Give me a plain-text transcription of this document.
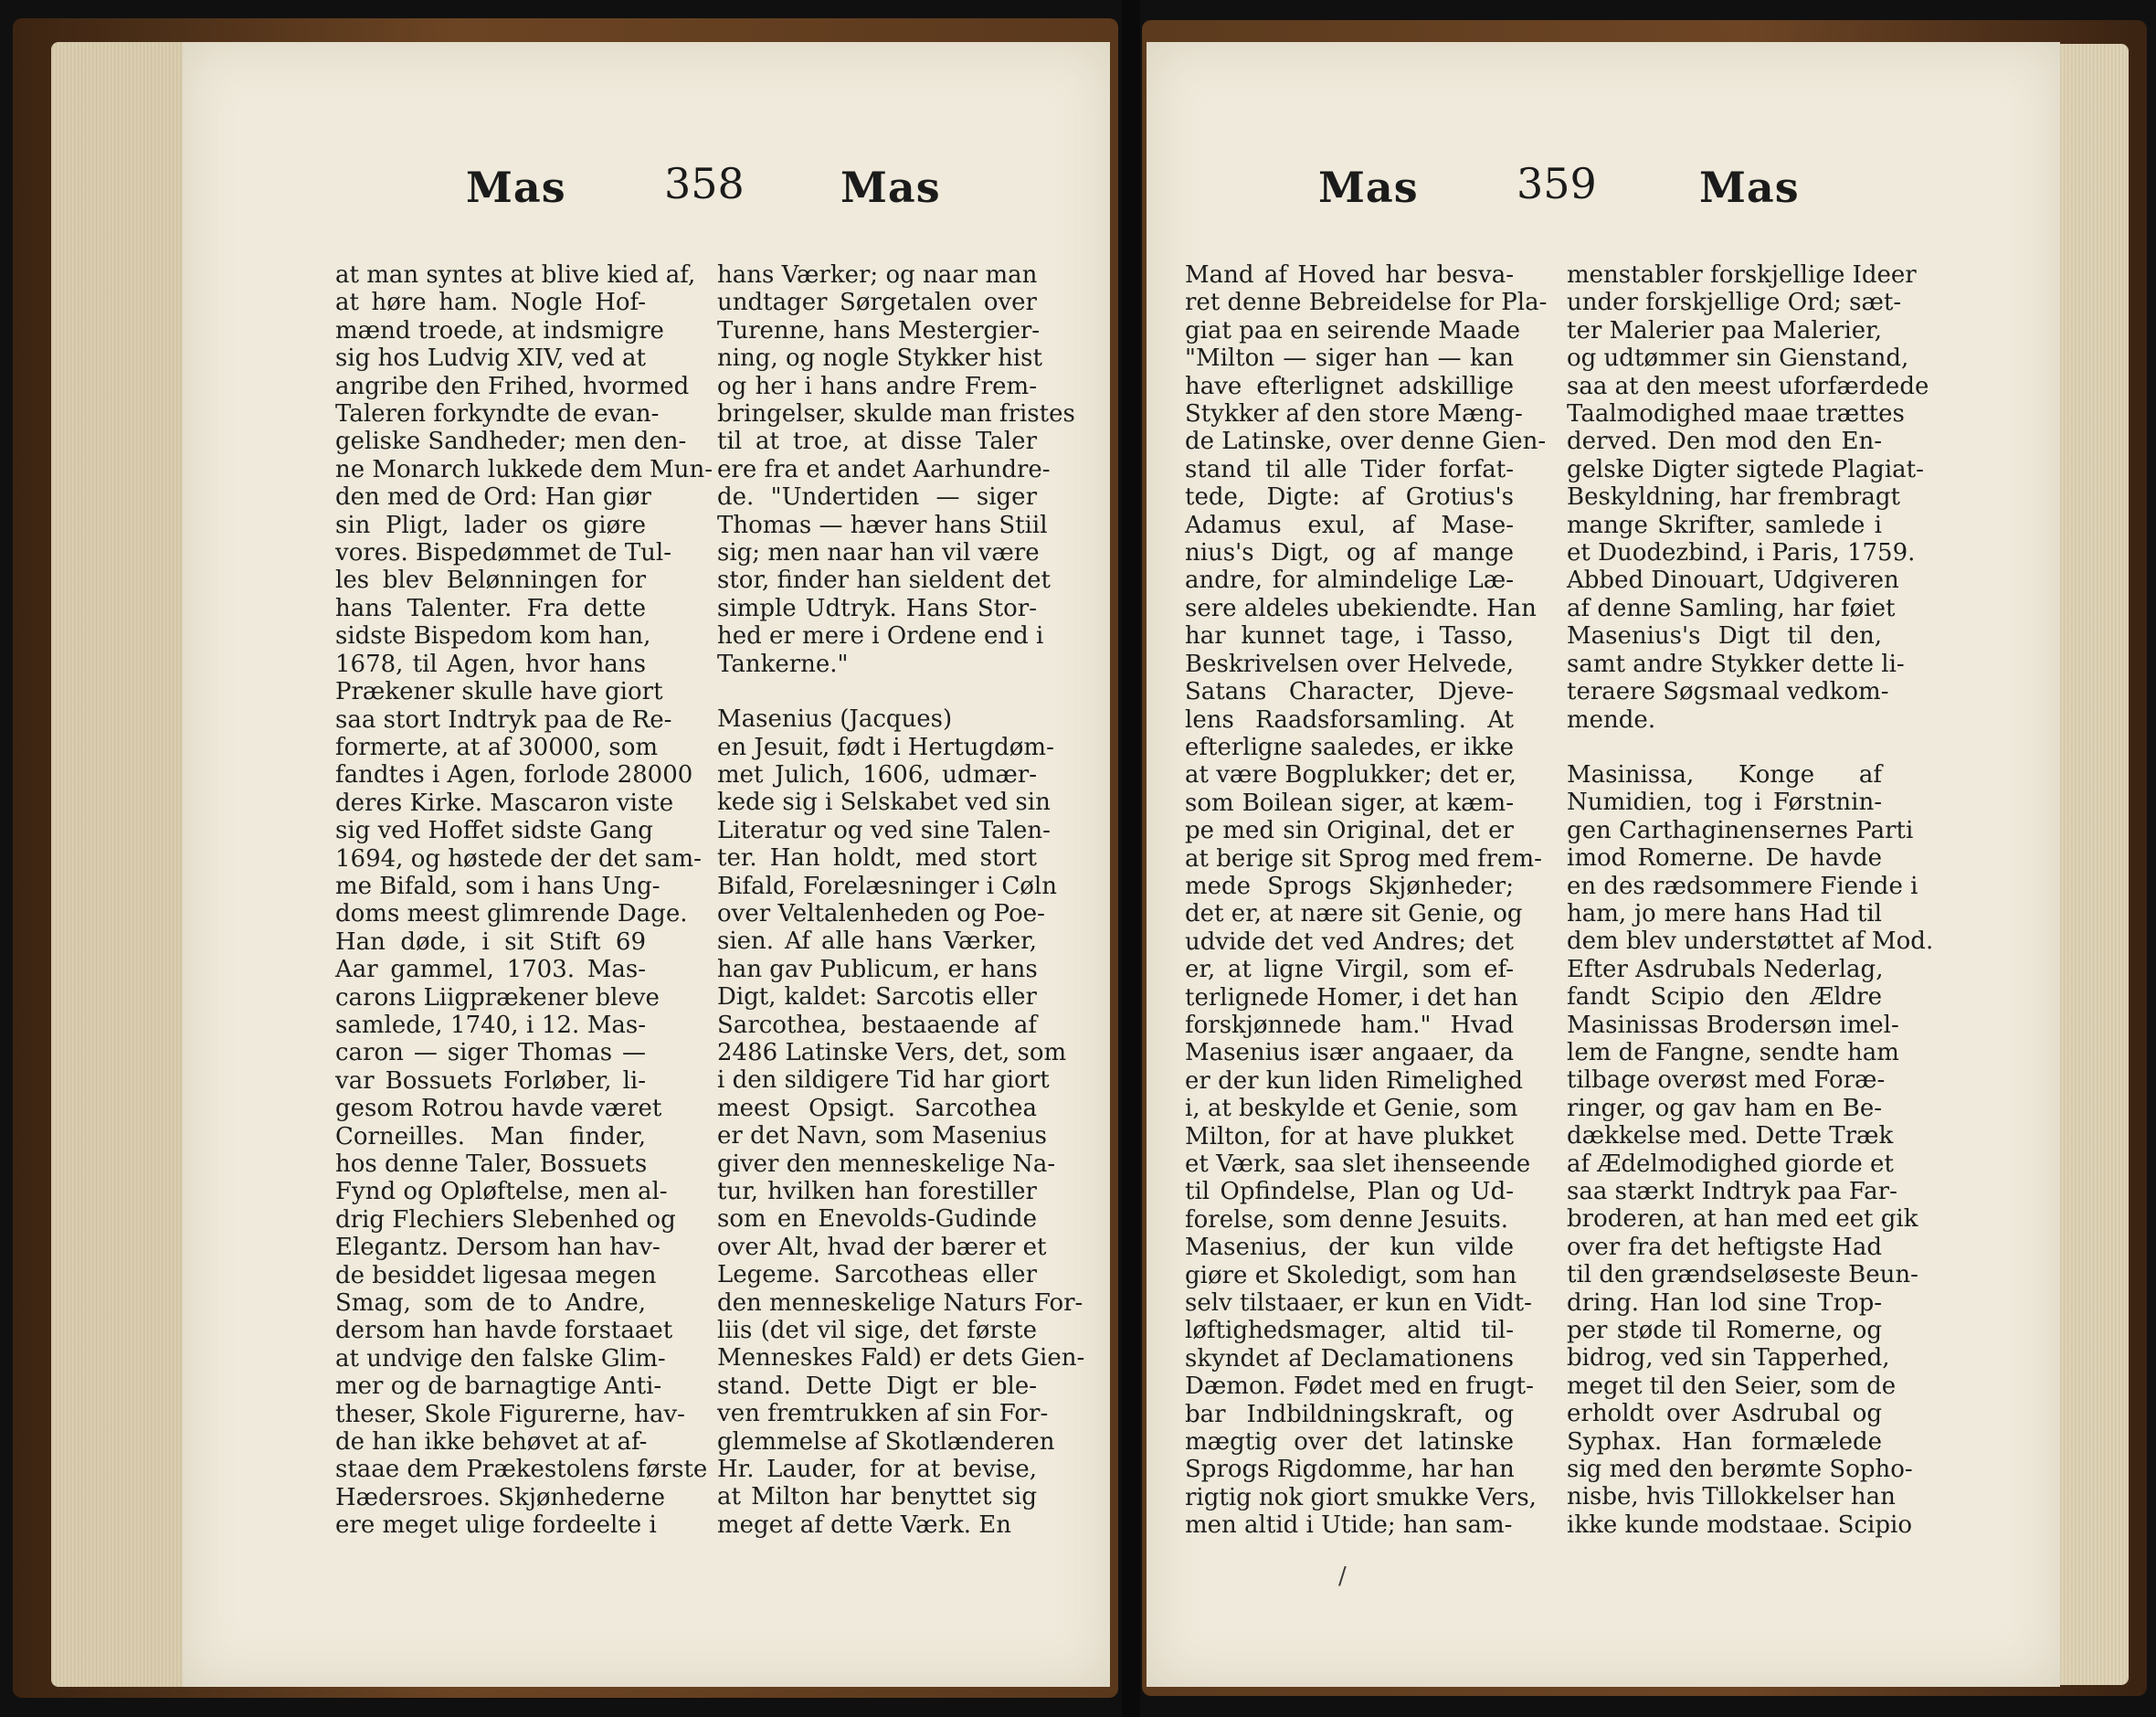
Mas 358 Mas
at man syntes at blive kied af,
at høre ham. Nogle Hof-
mænd troede, at indsmigre
sig hos Ludvig XIV, ved at
angribe den Frihed, hvormed
Taleren forkyndte de evan-
geliske Sandheder; men den-
ne Monarch lukkede dem Mun-
den med de Ord: Han giør
sin Pligt, lader os giøre
vores. Bispedømmet de Tul-
les blev Belønningen for
hans Talenter. Fra dette
sidste Bispedom kom han,
1678, til Agen, hvor hans
Prækener skulle have giort
saa stort Indtryk paa de Re-
formerte, at af 30000, som
fandtes i Agen, forlode 28000
deres Kirke. Mascaron viste
sig ved Hoffet sidste Gang
1694, og høstede der det sam-
me Bifald, som i hans Ung-
doms meest glimrende Dage.
Han døde, i sit Stift 69
Aar gammel, 1703. Mas-
carons Liigprækener bleve
samlede, 1740, i 12. Mas-
caron — siger Thomas —
var Bossuets Forløber, li-
gesom Rotrou havde været
Corneilles. Man finder,
hos denne Taler, Bossuets
Fynd og Opløftelse, men al-
drig Flechiers Slebenhed og
Elegantz. Dersom han hav-
de besiddet ligesaa megen
Smag, som de to Andre,
dersom han havde forstaaet
at undvige den falske Glim-
mer og de barnagtige Anti-
theser, Skole Figurerne, hav-
de han ikke behøvet at af-
staae dem Prækestolens første
Hædersroes. Skjønhederne
ere meget ulige fordeelte i
hans Værker; og naar man
undtager Sørgetalen over
Turenne, hans Mestergier-
ning, og nogle Stykker hist
og her i hans andre Frem-
bringelser, skulde man fristes
til at troe, at disse Taler
ere fra et andet Aarhundre-
de. "Undertiden — siger
Thomas — hæver hans Stiil
sig; men naar han vil være
stor, finder han sieldent det
simple Udtryk. Hans Stor-
hed er mere i Ordene end i
Tankerne."
Masenius (Jacques)
en Jesuit, født i Hertugdøm-
met Julich, 1606, udmær-
kede sig i Selskabet ved sin
Literatur og ved sine Talen-
ter. Han holdt, med stort
Bifald, Forelæsninger i Cøln
over Veltalenheden og Poe-
sien. Af alle hans Værker,
han gav Publicum, er hans
Digt, kaldet: Sarcotis eller
Sarcothea, bestaaende af
2486 Latinske Vers, det, som
i den sildigere Tid har giort
meest Opsigt. Sarcothea
er det Navn, som Masenius
giver den menneskelige Na-
tur, hvilken han forestiller
som en Enevolds-Gudinde
over Alt, hvad der bærer et
Legeme. Sarcotheas eller
den menneskelige Naturs For-
liis (det vil sige, det første
Menneskes Fald) er dets Gien-
stand. Dette Digt er ble-
ven fremtrukken af sin For-
glemmelse af Skotlænderen
Hr. Lauder, for at bevise,
at Milton har benyttet sig
meget af dette Værk. En
Mas 359 Mas
Mand af Hoved har besva-
ret denne Bebreidelse for Pla-
giat paa en seirende Maade
"Milton — siger han — kan
have efterlignet adskillige
Stykker af den store Mæng-
de Latinske, over denne Gien-
stand til alle Tider forfat-
tede, Digte: af Grotius's
Adamus exul, af Mase-
nius's Digt, og af mange
andre, for almindelige Læ-
sere aldeles ubekiendte. Han
har kunnet tage, i Tasso,
Beskrivelsen over Helvede,
Satans Character, Djeve-
lens Raadsforsamling. At
efterligne saaledes, er ikke
at være Bogplukker; det er,
som Boilean siger, at kæm-
pe med sin Original, det er
at berige sit Sprog med frem-
mede Sprogs Skjønheder;
det er, at nære sit Genie, og
udvide det ved Andres; det
er, at ligne Virgil, som ef-
terlignede Homer, i det han
forskjønnede ham." Hvad
Masenius især angaaer, da
er der kun liden Rimelighed
i, at beskylde et Genie, som
Milton, for at have plukket
et Værk, saa slet ihenseende
til Opfindelse, Plan og Ud-
forelse, som denne Jesuits.
Masenius, der kun vilde
giøre et Skoledigt, som han
selv tilstaaer, er kun en Vidt-
løftighedsmager, altid til-
skyndet af Declamationens
Dæmon. Fødet med en frugt-
bar Indbildningskraft, og
mægtig over det latinske
Sprogs Rigdomme, har han
rigtig nok giort smukke Vers,
men altid i Utide; han sam-
menstabler forskjellige Ideer
under forskjellige Ord; sæt-
ter Malerier paa Malerier,
og udtømmer sin Gienstand,
saa at den meest uforfærdede
Taalmodighed maae trættes
derved. Den mod den En-
gelske Digter sigtede Plagiat-
Beskyldning, har frembragt
mange Skrifter, samlede i
et Duodezbind, i Paris, 1759.
Abbed Dinouart, Udgiveren
af denne Samling, har føiet
Masenius's Digt til den,
samt andre Stykker dette li-
teraere Søgsmaal vedkom-
mende.
Masinissa, Konge af
Numidien, tog i Førstnin-
gen Carthaginensernes Parti
imod Romerne. De havde
en des rædsommere Fiende i
ham, jo mere hans Had til
dem blev understøttet af Mod.
Efter Asdrubals Nederlag,
fandt Scipio den Ældre
Masinissas Brodersøn imel-
lem de Fangne, sendte ham
tilbage overøst med Foræ-
ringer, og gav ham en Be-
dækkelse med. Dette Træk
af Ædelmodighed giorde et
saa stærkt Indtryk paa Far-
broderen, at han med eet gik
over fra det heftigste Had
til den grændseløseste Beun-
dring. Han lod sine Trop-
per støde til Romerne, og
bidrog, ved sin Tapperhed,
meget til den Seier, som de
erholdt over Asdrubal og
Syphax. Han formælede
sig med den berømte Sopho-
nisbe, hvis Tillokkelser han
ikke kunde modstaae. Scipio
/
